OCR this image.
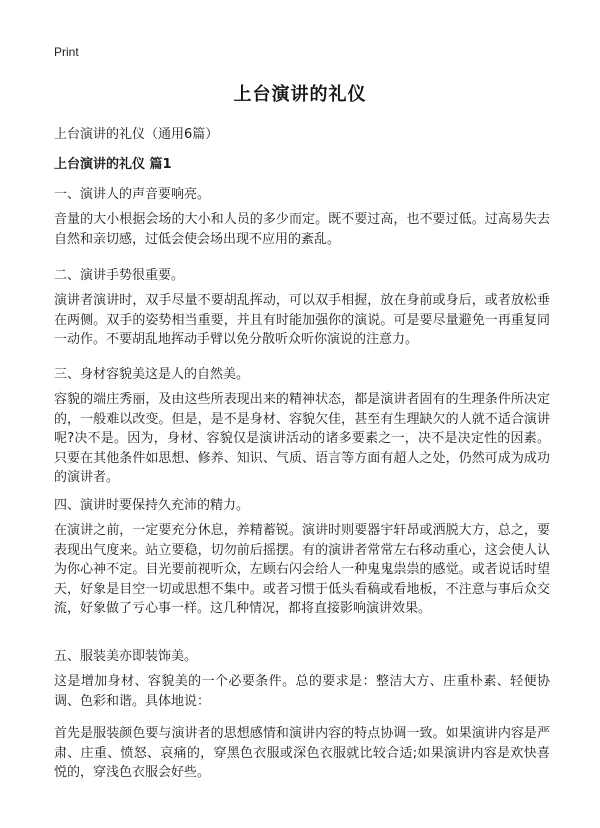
Print
上台演讲的礼仪
上台演讲的礼仪（通用6篇）
上台演讲的礼仪 篇1
一、演讲人的声音要响亮。
音量的大小根据会场的大小和人员的多少而定。既不要过高，也不要过低。过高易失去自然和亲切感，过低会使会场出现不应用的紊乱。
二、演讲手势很重要。
演讲者演讲时，双手尽量不要胡乱挥动，可以双手相握，放在身前或身后，或者放松垂在两侧。双手的姿势相当重要，并且有时能加强你的演说。可是要尽量避免一再重复同一动作。不要胡乱地挥动手臂以免分散听众听你演说的注意力。
三、身材容貌美这是人的自然美。
容貌的端庄秀丽，及由这些所表现出来的精神状态，都是演讲者固有的生理条件所决定的，一般难以改变。但是，是不是身材、容貌欠佳，甚至有生理缺欠的人就不适合演讲呢?决不是。因为，身材、容貌仅是演讲活动的诸多要素之一，决不是决定性的因素。只要在其他条件如思想、修养、知识、气质、语言等方面有超人之处，仍然可成为成功的演讲者。
四、演讲时要保持久充沛的精力。
在演讲之前，一定要充分休息，养精蓄锐。演讲时则要器宇轩昂或洒脱大方，总之，要表现出气度来。站立要稳，切勿前后摇摆。有的演讲者常常左右移动重心，这会使人认为你心神不定。目光要前视听众，左顾右闪会给人一种鬼鬼祟祟的感觉。或者说话时望天，好象是目空一切或思想不集中。或者习惯于低头看稿或看地板，不注意与事后众交流，好象做了亏心事一样。这几种情况，都将直接影响演讲效果。
五、服装美亦即装饰美。
这是增加身材、容貌美的一个必要条件。总的要求是：整洁大方、庄重朴素、轻便协调、色彩和谐。具体地说：
首先是服装颜色要与演讲者的思想感情和演讲内容的特点协调一致。如果演讲内容是严肃、庄重、愤怒、哀痛的，穿黑色衣服或深色衣服就比较合适;如果演讲内容是欢快喜悦的，穿浅色衣服会好些。
